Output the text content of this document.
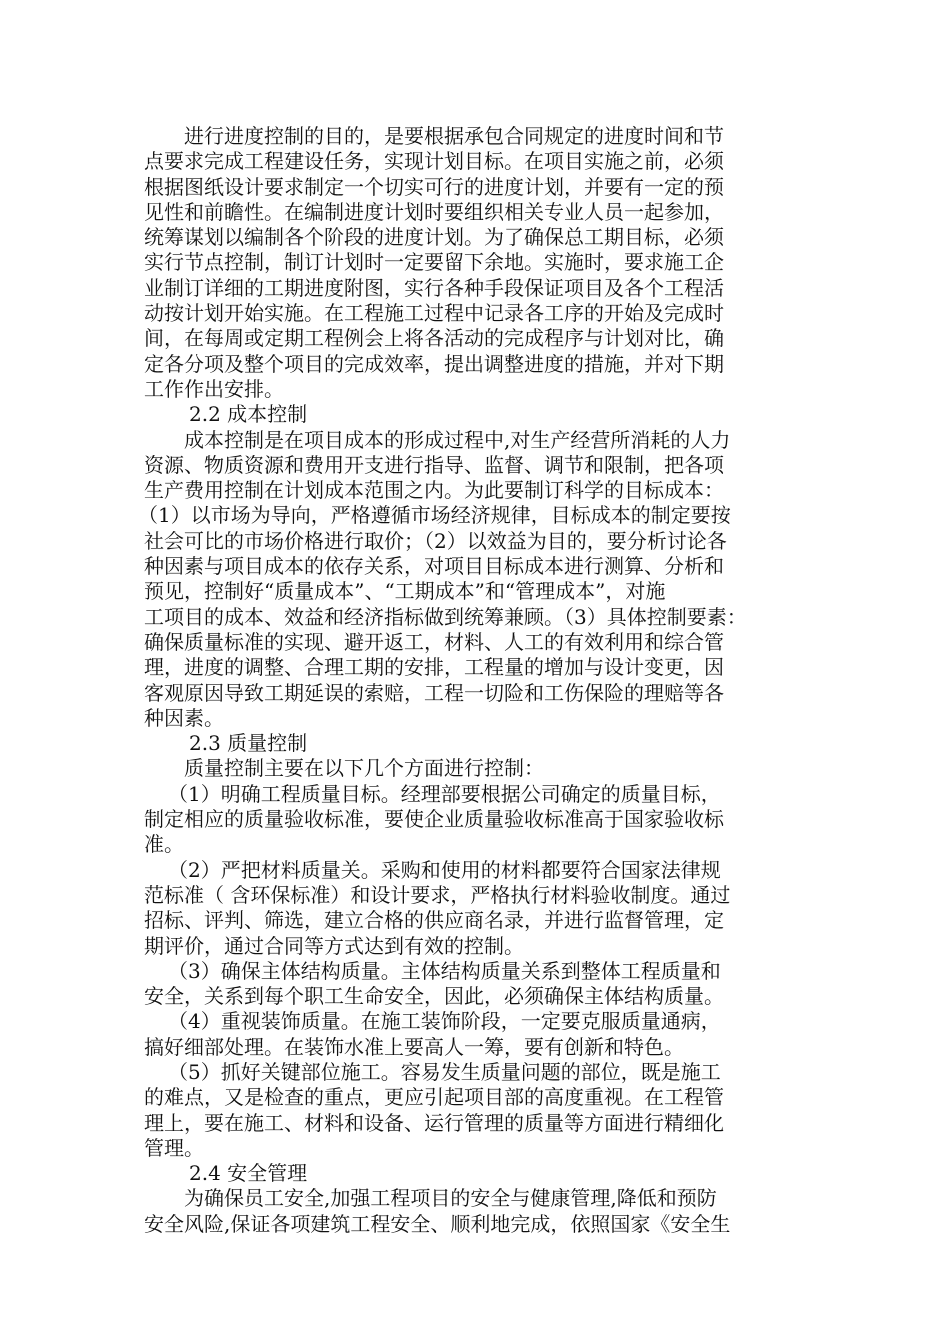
进行进度控制的目的，是要根据承包合同规定的进度时间和节
点要求完成工程建设任务，实现计划目标。在项目实施之前，必须
根据图纸设计要求制定一个切实可行的进度计划，并要有一定的预
见性和前瞻性。在编制进度计划时要组织相关专业人员一起参加，
统筹谋划以编制各个阶段的进度计划。为了确保总工期目标，必须
实行节点控制，制订计划时一定要留下余地。实施时，要求施工企
业制订详细的工期进度附图，实行各种手段保证项目及各个工程活
动按计划开始实施。在工程施工过程中记录各工序的开始及完成时
间，在每周或定期工程例会上将各活动的完成程序与计划对比，确
定各分项及整个项目的完成效率，提出调整进度的措施，并对下期
工作作出安排。
2.2 成本控制
成本控制是在项目成本的形成过程中,对生产经营所消耗的人力
资源、物质资源和费用开支进行指导、监督、调节和限制，把各项
生产费用控制在计划成本范围之内。为此要制订科学的目标成本：
（1）以市场为导向，严格遵循市场经济规律，目标成本的制定要按
社会可比的市场价格进行取价；（2）以效益为目的，要分析讨论各
种因素与项目成本的依存关系，对项目目标成本进行测算、分析和
预见，控制好“质量成本”、“工期成本”和“管理成本”，对施
工项目的成本、效益和经济指标做到统筹兼顾。（3）具体控制要素：
确保质量标准的实现、避开返工，材料、人工的有效利用和综合管
理，进度的调整、合理工期的安排，工程量的增加与设计变更，因
客观原因导致工期延误的索赔，工程一切险和工伤保险的理赔等各
种因素。
2.3 质量控制
质量控制主要在以下几个方面进行控制：
（1）明确工程质量目标。经理部要根据公司确定的质量目标，
制定相应的质量验收标准，要使企业质量验收标准高于国家验收标
准。
（2）严把材料质量关。采购和使用的材料都要符合国家法律规
范标准（ 含环保标准）和设计要求，严格执行材料验收制度。通过
招标、评判、筛选，建立合格的供应商名录，并进行监督管理，定
期评价，通过合同等方式达到有效的控制。
（3）确保主体结构质量。主体结构质量关系到整体工程质量和
安全，关系到每个职工生命安全，因此，必须确保主体结构质量。
（4）重视装饰质量。在施工装饰阶段，一定要克服质量通病，
搞好细部处理。在装饰水准上要高人一筹，要有创新和特色。
（5）抓好关键部位施工。容易发生质量问题的部位，既是施工
的难点，又是检查的重点，更应引起项目部的高度重视。在工程管
理上，要在施工、材料和设备、运行管理的质量等方面进行精细化
管理。
2.4 安全管理
为确保员工安全,加强工程项目的安全与健康管理,降低和预防
安全风险,保证各项建筑工程安全、顺利地完成，依照国家《安全生
